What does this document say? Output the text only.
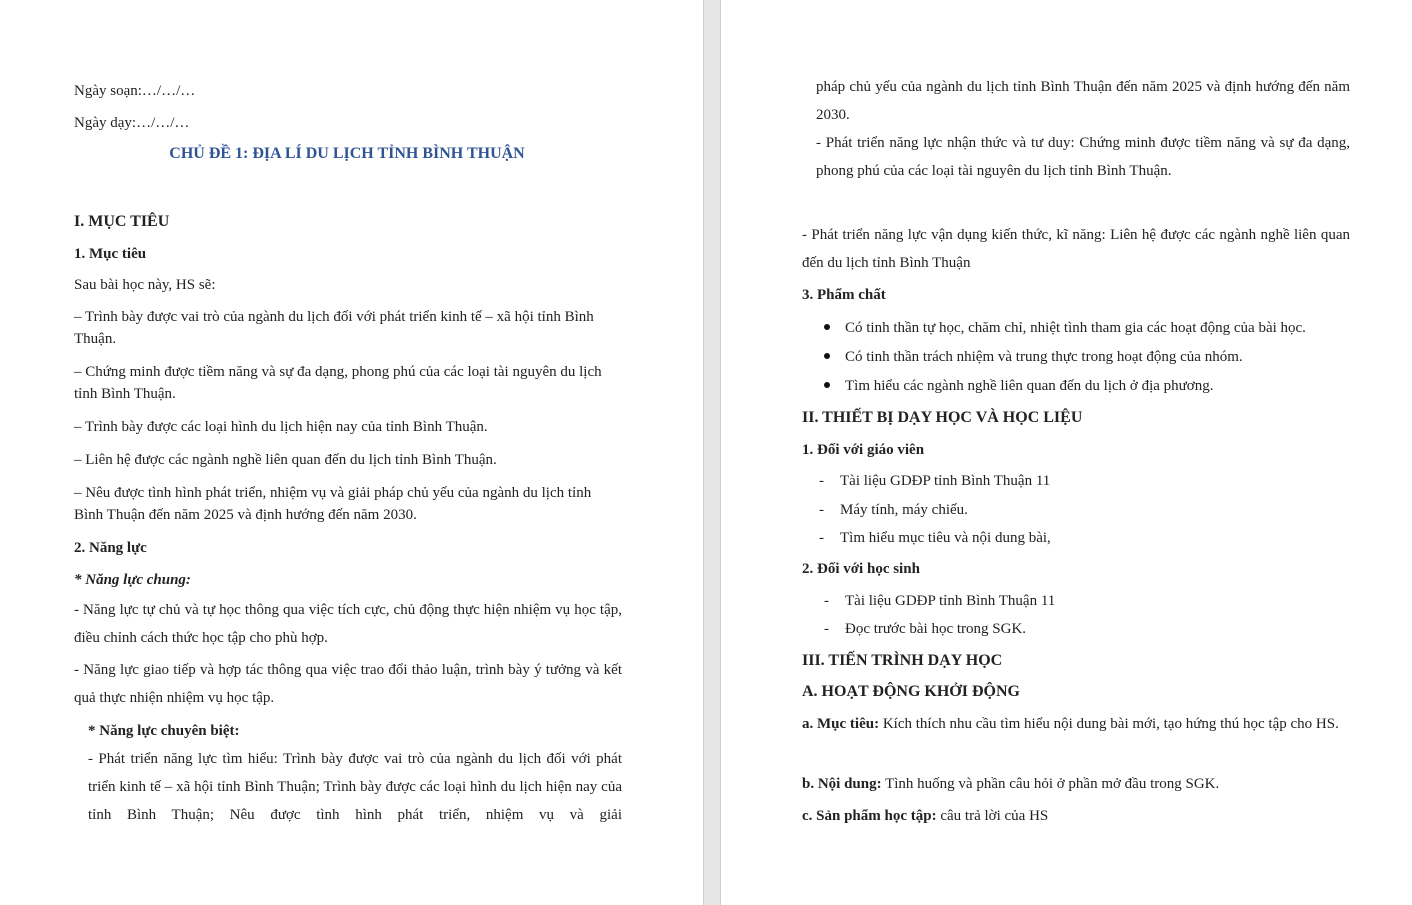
Ngày soạn:…/…/…
Ngày dạy:…/…/…
CHỦ ĐỀ 1: ĐỊA LÍ DU LỊCH TỈNH BÌNH THUẬN
I. MỤC TIÊU
1. Mục tiêu
Sau bài học này, HS sẽ:
– Trình bày được vai trò của ngành du lịch đối với phát triển kinh tế – xã hội tỉnh Bình Thuận.
– Chứng minh được tiềm năng và sự đa dạng, phong phú của các loại tài nguyên du lịch tỉnh Bình Thuận.
– Trình bày được các loại hình du lịch hiện nay của tỉnh Bình Thuận.
– Liên hệ được các ngành nghề liên quan đến du lịch tỉnh Bình Thuận.
– Nêu được tình hình phát triển, nhiệm vụ và giải pháp chủ yếu của ngành du lịch tỉnh Bình Thuận đến năm 2025 và định hướng đến năm 2030.
2. Năng lực
* Năng lực chung:
- Năng lực tự chủ và tự học thông qua việc tích cực, chủ động thực hiện nhiệm vụ học tập, điều chỉnh cách thức học tập cho phù hợp.
- Năng lực giao tiếp và hợp tác thông qua việc trao đổi thảo luận, trình bày ý tưởng và kết quả thực nhiện nhiệm vụ học tập.
* Năng lực chuyên biệt:
- Phát triển năng lực tìm hiểu: Trình bày được vai trò của ngành du lịch đối với phát triển kinh tế – xã hội tỉnh Bình Thuận; Trình bày được các loại hình du lịch hiện nay của tỉnh Bình Thuận; Nêu được tình hình phát triển, nhiệm vụ và giải
pháp chủ yếu của ngành du lịch tỉnh Bình Thuận đến năm 2025 và định hướng đến năm 2030.
- Phát triển năng lực nhận thức và tư duy: Chứng minh được tiềm năng và sự đa dạng, phong phú của các loại tài nguyên du lịch tỉnh Bình Thuận.
- Phát triển năng lực vận dụng kiến thức, kĩ năng: Liên hệ được các ngành nghề liên quan đến du lịch tỉnh Bình Thuận
3. Phẩm chất
Có tinh thần tự học, chăm chỉ, nhiệt tình tham gia các hoạt động của bài học.
Có tinh thần trách nhiệm và trung thực trong hoạt động của nhóm.
Tìm hiểu các ngành nghề liên quan đến du lịch ở địa phương.
II. THIẾT BỊ DẠY HỌC VÀ HỌC LIỆU
1. Đối với giáo viên
- Tài liệu GDĐP tỉnh Bình Thuận 11
- Máy tính, máy chiếu.
- Tìm hiểu mục tiêu và nội dung bài,
2. Đối với học sinh
- Tài liệu GDĐP tỉnh Bình Thuận 11
- Đọc trước bài học trong SGK.
III. TIẾN TRÌNH DẠY HỌC
A. HOẠT ĐỘNG KHỞI ĐỘNG
a. Mục tiêu: Kích thích nhu cầu tìm hiểu nội dung bài mới, tạo hứng thú học tập cho HS.
b. Nội dung: Tình huống và phần câu hỏi ở phần mở đầu trong SGK.
c. Sản phẩm học tập: câu trả lời của HS
